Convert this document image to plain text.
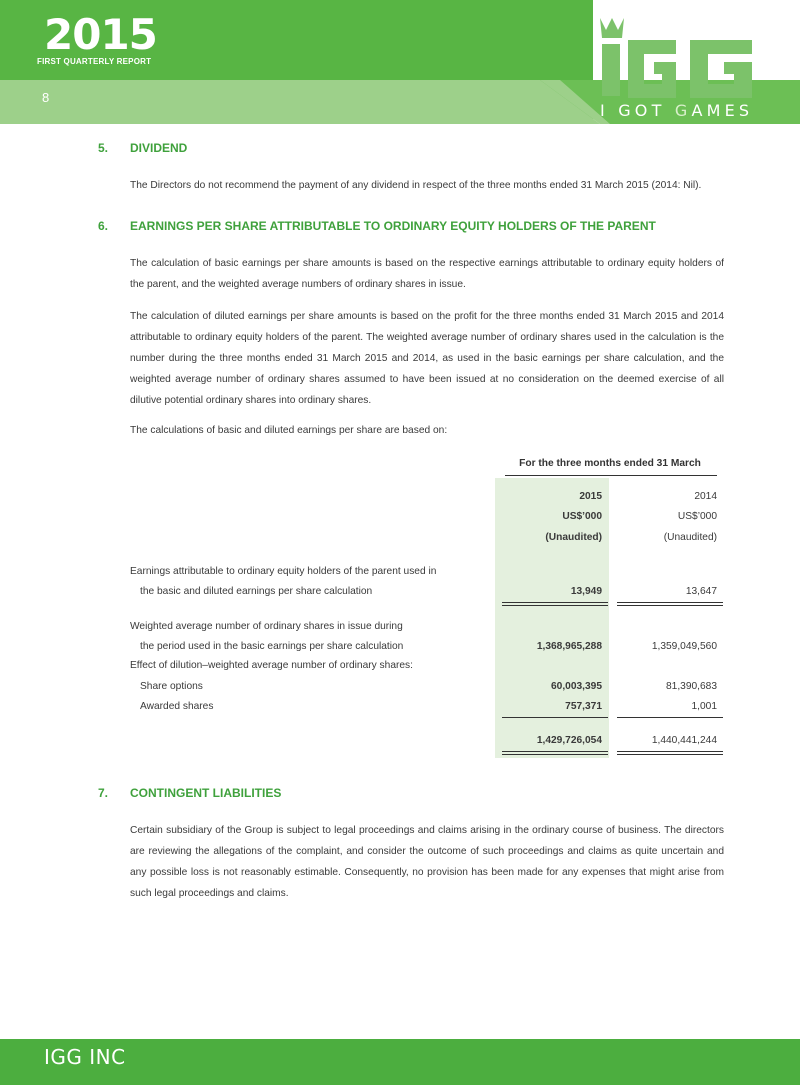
2015
FIRST QUARTERLY REPORT
8
I GOT GAMES
5. DIVIDEND

The Directors do not recommend the payment of any dividend in respect of the three months ended 31 March 2015 (2014: Nil).

6. EARNINGS PER SHARE ATTRIBUTABLE TO ORDINARY EQUITY HOLDERS OF THE PARENT

The calculation of basic earnings per share amounts is based on the respective earnings attributable to ordinary equity holders of the parent, and the weighted average numbers of ordinary shares in issue.

The calculation of diluted earnings per share amounts is based on the profit for the three months ended 31 March 2015 and 2014 attributable to ordinary equity holders of the parent. The weighted average number of ordinary shares used in the calculation is the number during the three months ended 31 March 2015 and 2014, as used in the basic earnings per share calculation, and the weighted average number of ordinary shares assumed to have been issued at no consideration on the deemed exercise of all dilutive potential ordinary shares into ordinary shares.

The calculations of basic and diluted earnings per share are based on:

For the three months ended 31 March
2015	2014
US$’000	US$’000
(Unaudited)	(Unaudited)
Earnings attributable to ordinary equity holders of the parent used in
the basic and diluted earnings per share calculation	13,949	13,647
Weighted average number of ordinary shares in issue during
the period used in the basic earnings per share calculation	1,368,965,288	1,359,049,560
Effect of dilution–weighted average number of ordinary shares:
Share options	60,003,395	81,390,683
Awarded shares	757,371	1,001
1,429,726,054	1,440,441,244
7. CONTINGENT LIABILITIES

Certain subsidiary of the Group is subject to legal proceedings and claims arising in the ordinary course of business. The directors are reviewing the allegations of the complaint, and consider the outcome of such proceedings and claims as quite uncertain and any possible loss is not reasonably estimable. Consequently, no provision has been made for any expenses that might arise from such legal proceedings and claims.

IGG INC
